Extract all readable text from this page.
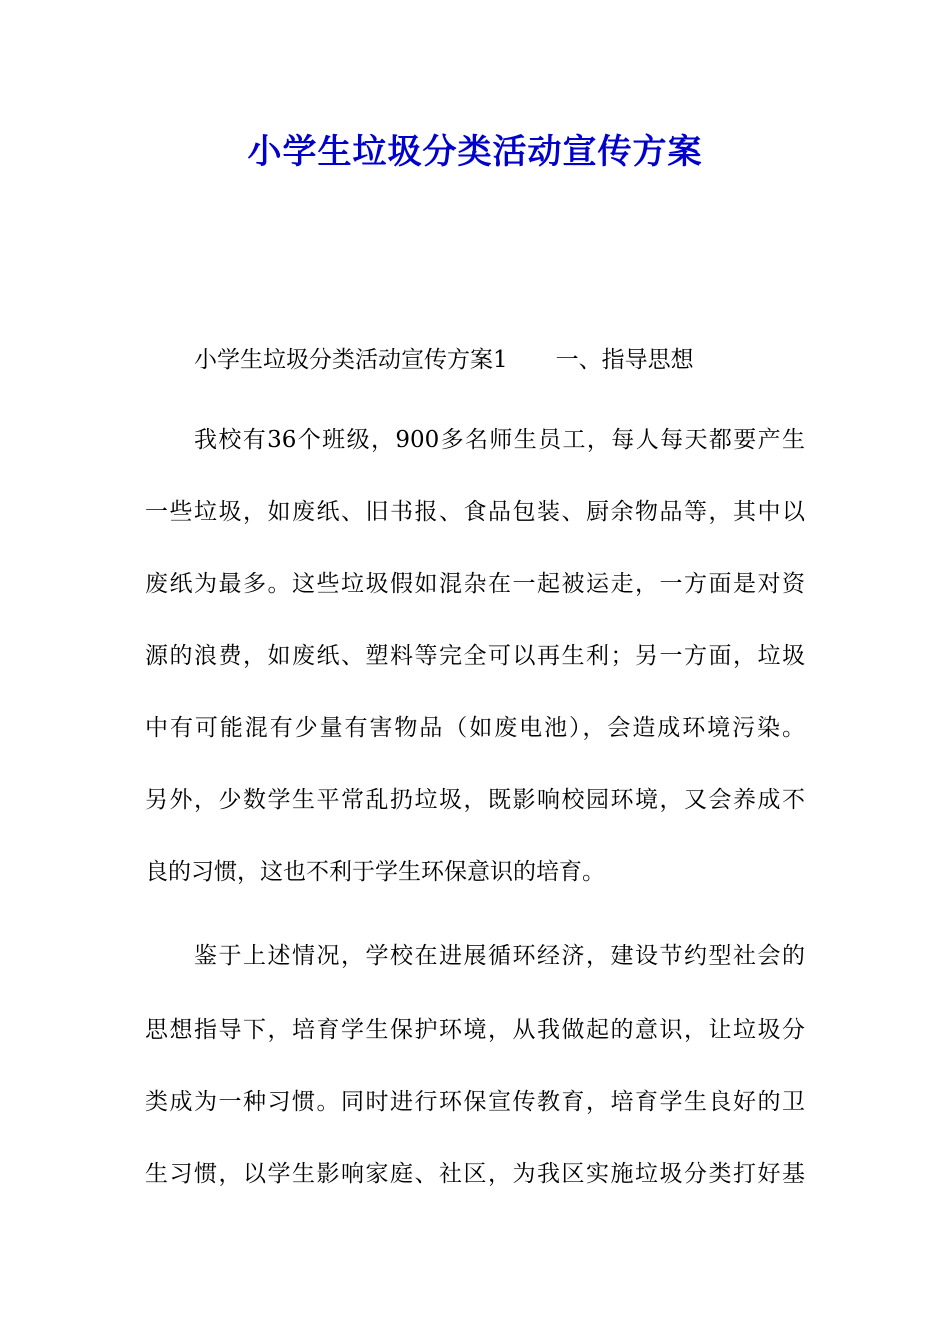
小学生垃圾分类活动宣传方案
小学生垃圾分类活动宣传方案1 一、指导思想
我校有36个班级，900多名师生员工，每人每天都要产生
一些垃圾，如废纸、旧书报、食品包装、厨余物品等，其中以
废纸为最多。这些垃圾假如混杂在一起被运走，一方面是对资
源的浪费，如废纸、塑料等完全可以再生利；另一方面，垃圾
中有可能混有少量有害物品（如废电池），会造成环境污染。
另外，少数学生平常乱扔垃圾，既影响校园环境，又会养成不
良的习惯，这也不利于学生环保意识的培育。
鉴于上述情况，学校在进展循环经济，建设节约型社会的
思想指导下，培育学生保护环境，从我做起的意识，让垃圾分
类成为一种习惯。同时进行环保宣传教育，培育学生良好的卫
生习惯，以学生影响家庭、社区，为我区实施垃圾分类打好基
